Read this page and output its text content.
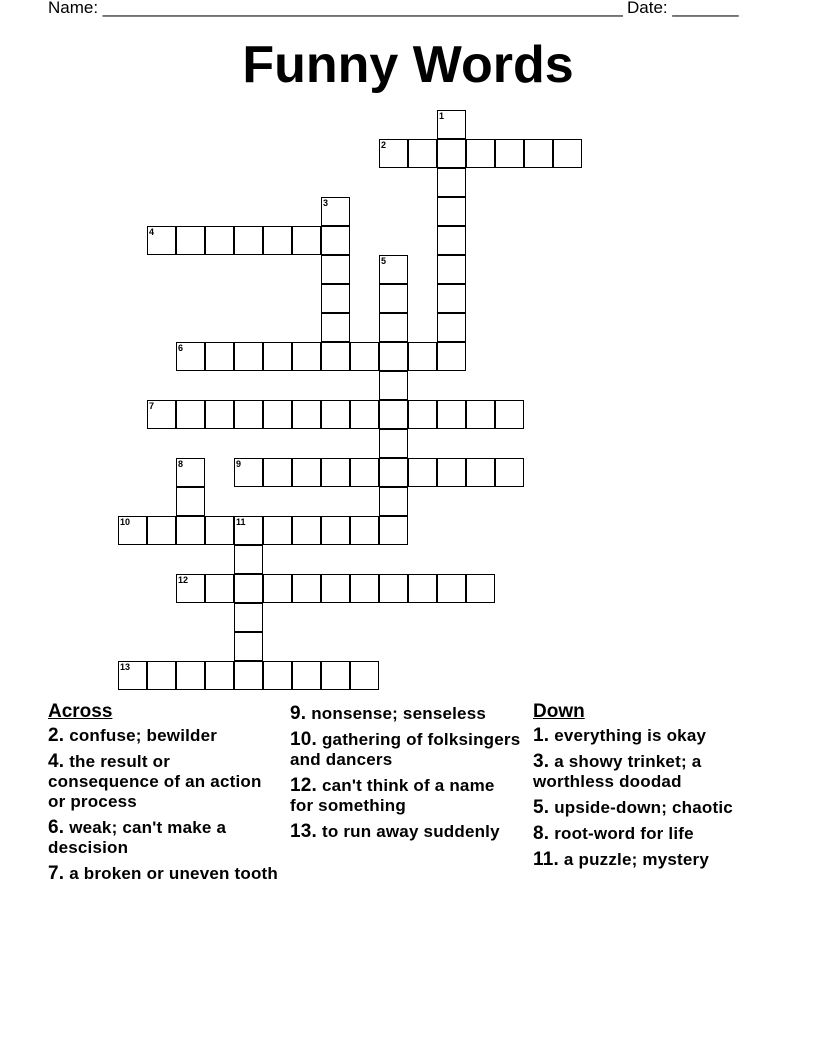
Name: _______________________________________________________ Date: _______
Funny Words
2
4
6
7
9
10	11
12
13
1
3
5
8
Across
2. confuse; bewilder
4. the result or consequence of an action or process
6. weak; can't make a descision
7. a broken or uneven tooth
9. nonsense; senseless
10. gathering of folksingers and dancers
12. can't think of a name for something
13. to run away suddenly
Down
1. everything is okay
3. a showy trinket; a worthless doodad
5. upside-down; chaotic
8. root-word for life
11. a puzzle; mystery
